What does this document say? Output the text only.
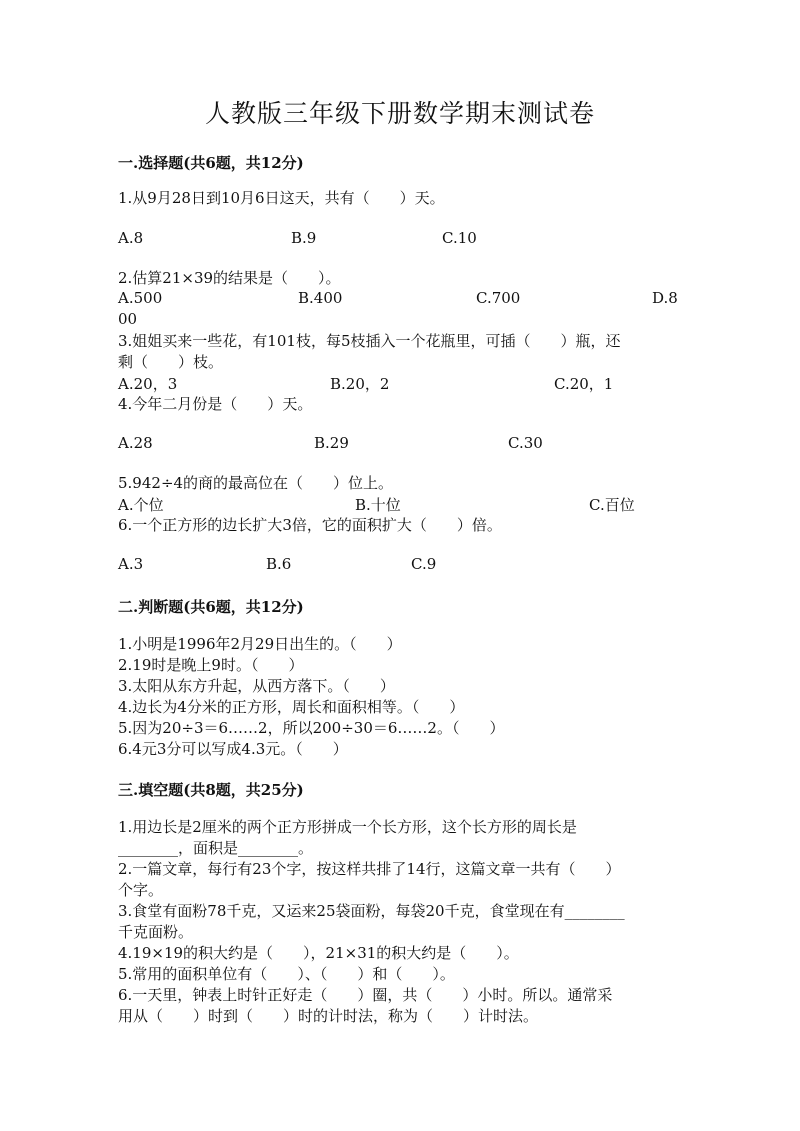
人教版三年级下册数学期末测试卷
一.选择题(共6题，共12分)
1.从9月28日到10月6日这天，共有（　　）天。
A.8	B.9	C.10
2.估算21×39的结果是（　　）。
A.500	B.400	C.700	D.8
00
3.姐姐买来一些花，有101枝，每5枝插入一个花瓶里，可插（　　）瓶，还
剩（　　）枝。
A.20，3	B.20，2	C.20，1
4.今年二月份是（　　）天。
A.28	B.29	C.30
5.942÷4的商的最高位在（　　）位上。
A.个位	B.十位	C.百位
6.一个正方形的边长扩大3倍，它的面积扩大（　　）倍。
A.3	B.6	C.9
二.判断题(共6题，共12分)
1.小明是1996年2月29日出生的。（　　）
2.19时是晚上9时。（　　）
3.太阳从东方升起，从西方落下。（　　）
4.边长为4分米的正方形，周长和面积相等。（　　）
5.因为20÷3＝6……2，所以200÷30＝6……2。（　　）
6.4元3分可以写成4.3元。（　　）
三.填空题(共8题，共25分)
1.用边长是2厘米的两个正方形拼成一个长方形，这个长方形的周长是
________，面积是________。
2.一篇文章，每行有23个字，按这样共排了14行，这篇文章一共有（　　）
个字。
3.食堂有面粉78千克，又运来25袋面粉，每袋20千克，食堂现在有________
千克面粉。
4.19×19的积大约是（　　），21×31的积大约是（　　）。
5.常用的面积单位有（　　）、（　　）和（　　）。
6.一天里，钟表上时针正好走（　　）圈，共（　　）小时。所以。通常采
用从（　　）时到（　　）时的计时法，称为（　　）计时法。
